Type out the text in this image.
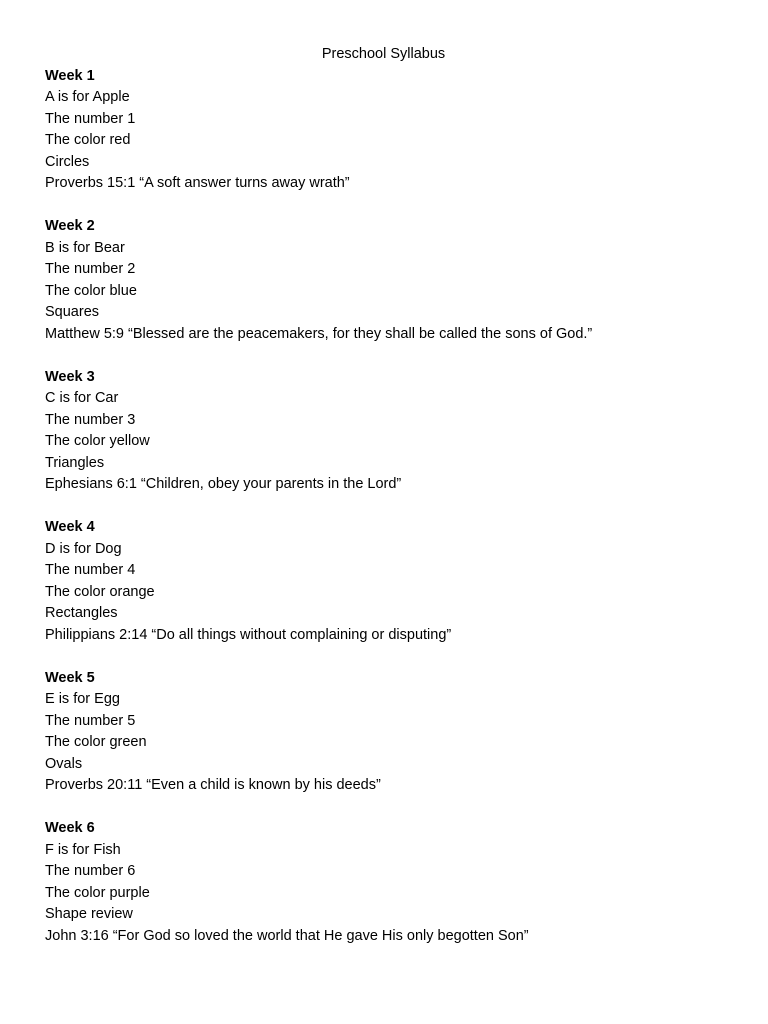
Preschool Syllabus
Week 1
A is for Apple
The number 1
The color red
Circles
Proverbs 15:1 “A soft answer turns away wrath”
Week 2
B is for Bear
The number 2
The color blue
Squares
Matthew 5:9 “Blessed are the peacemakers, for they shall be called the sons of God.”
Week 3
C is for Car
The number 3
The color yellow
Triangles
Ephesians 6:1 “Children, obey your parents in the Lord”
Week 4
D is for Dog
The number 4
The color orange
Rectangles
Philippians 2:14 “Do all things without complaining or disputing”
Week 5
E is for Egg
The number 5
The color green
Ovals
Proverbs 20:11 “Even a child is known by his deeds”
Week 6
F is for Fish
The number 6
The color purple
Shape review
John 3:16 “For God so loved the world that He gave His only begotten Son”
